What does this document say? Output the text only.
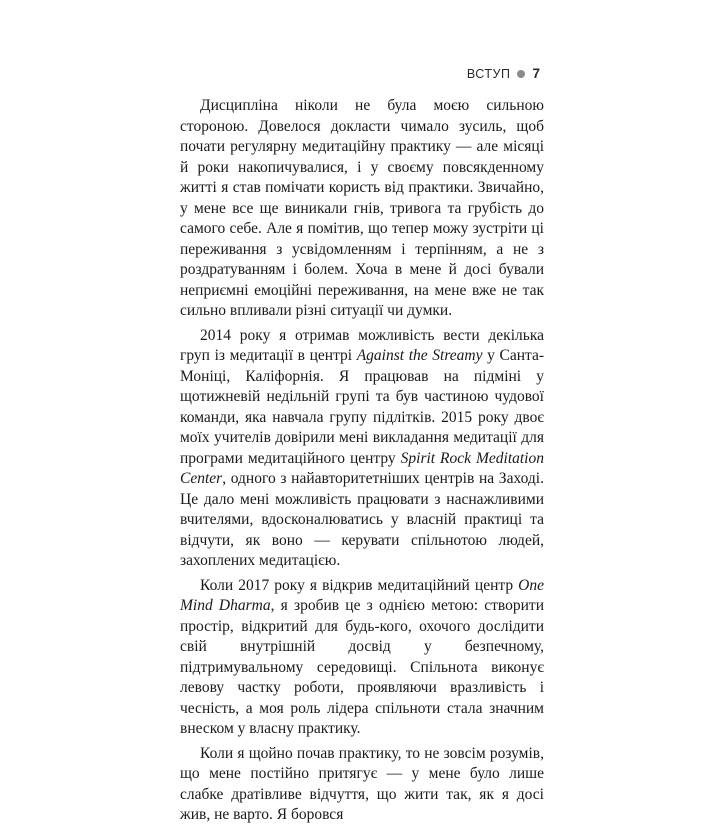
ВСТУП 7

Дисципліна ніколи не була моєю сильною стороною. Довелося докласти чимало зусиль, щоб почати регулярну медитаційну практику — але місяці й роки накопичувалися, і у своєму повсякденному житті я став помічати користь від практики. Звичайно, у мене все ще виникали гнів, тривога та грубість до самого себе. Але я помітив, що тепер можу зустріти ці переживання з усвідомленням і терпінням, а не з роздратуванням і болем. Хоча в мене й досі бували неприємні емоційні переживання, на мене вже не так сильно впливали різні ситуації чи думки.

2014 року я отримав можливість вести декілька груп із медитації в центрі Against the Streamy у Санта-Моніці, Каліфорнія. Я працював на підміні у щотижневій недільній групі та був частиною чудової команди, яка навчала групу підлітків. 2015 року двоє моїх учителів довірили мені викладання медитації для програми медитаційного центру Spirit Rock Meditation Center, одного з найавторитетніших центрів на Заході. Це дало мені можливість працювати з наснажливими вчителями, вдосконалюватись у власній практиці та відчути, як воно — керувати спільнотою людей, захоплених медитацією.

Коли 2017 року я відкрив медитаційний центр One Mind Dharma, я зробив це з однією метою: створити простір, відкритий для будь-кого, охочого дослідити свій внутрішній досвід у безпечному, підтримувальному середовищі. Спільнота виконує левову частку роботи, проявляючи вразливість і чесність, а моя роль лідера спільноти стала значним внеском у власну практику.

Коли я щойно почав практику, то не зовсім розумів, що мене постійно притягує — у мене було лише слабке дратівливе відчуття, що жити так, як я досі жив, не варто. Я боровся
